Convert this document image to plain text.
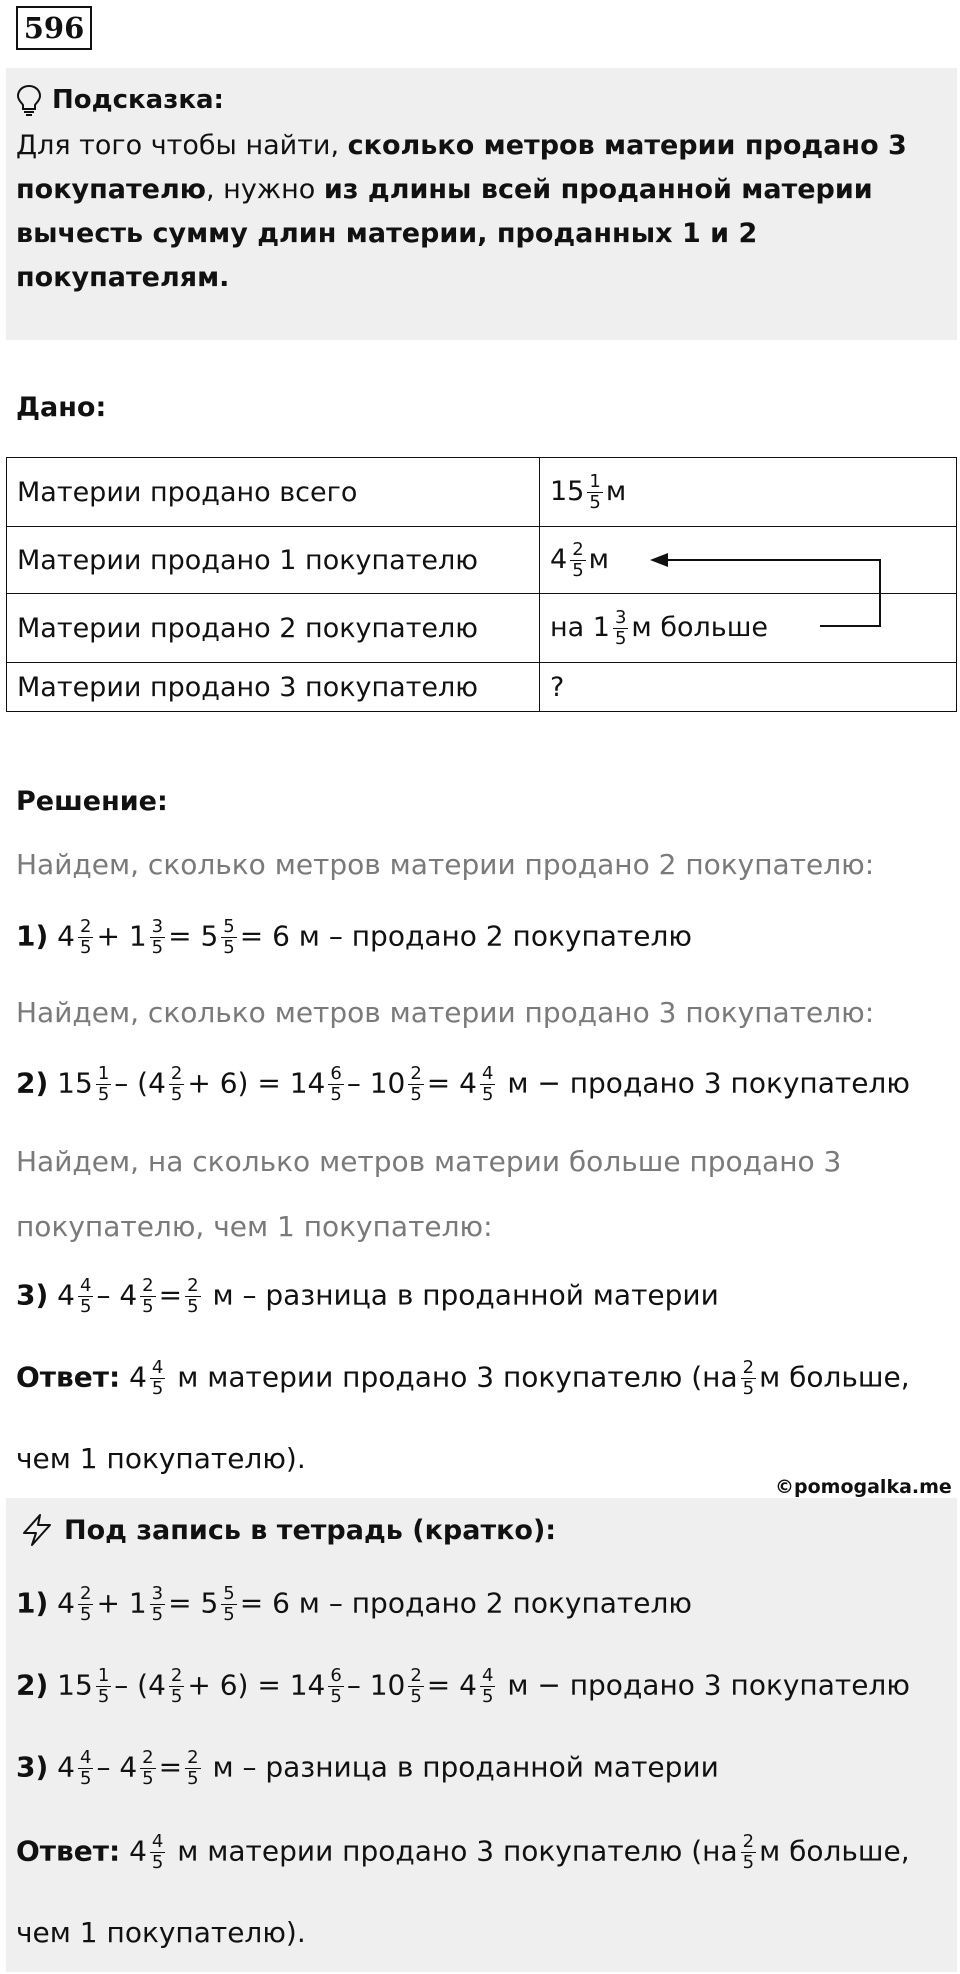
596
Подсказка:
Для того чтобы найти, сколько метров материи продано 3 покупателю, нужно из длины всей проданной материи вычесть сумму длин материи, проданных 1 и 2 покупателям.
Дано:
Материи продано всего	$15 \frac{1}{5}$ м
Материи продано 1 покупателю	$4 \frac{2}{5}$ м
Материи продано 2 покупателю	на $1 \frac{3}{5}$ м больше
Материи продано 3 покупателю	?
Решение:
Найдем, сколько метров материи продано 2 покупателю:
1) $4 \frac{2}{5} + 1 \frac{3}{5} = 5 \frac{5}{5} = 6$ м – продано 2 покупателю
Найдем, сколько метров материи продано 3 покупателю:
2) $15 \frac{1}{5} - (4 \frac{2}{5} + 6) = 14 \frac{6}{5} - 10 \frac{2}{5} = 4 \frac{4}{5}$ м − продано 3 покупателю
Найдем, на сколько метров материи больше продано 3
покупателю, чем 1 покупателю:
3) $4 \frac{4}{5} - 4 \frac{2}{5} = \frac{2}{5}$ м – разница в проданной материи
Ответ: $4 \frac{4}{5}$ м материи продано 3 покупателю ($на \frac{2}{5}$ м больше,
чем 1 покупателю).
©pomogalka.me
Под запись в тетрадь (кратко):
1) $4 \frac{2}{5} + 1 \frac{3}{5} = 5 \frac{5}{5} = 6$ м – продано 2 покупателю
2) $15 \frac{1}{5} - (4 \frac{2}{5} + 6) = 14 \frac{6}{5} - 10 \frac{2}{5} = 4 \frac{4}{5}$ м − продано 3 покупателю
3) $4 \frac{4}{5} - 4 \frac{2}{5} = \frac{2}{5}$ м – разница в проданной материи
Ответ: $4 \frac{4}{5}$ м материи продано 3 покупателю ($на \frac{2}{5}$ м больше,
чем 1 покупателю).
